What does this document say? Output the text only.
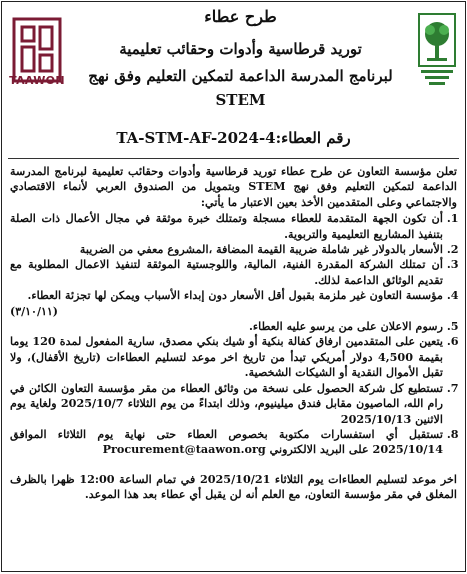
TAAWON
طرح عطاء
توريد قرطاسية وأدوات وحقائب تعليمية
لبرنامج المدرسة الداعمة لتمكين التعليم وفق نهج STEM
رقم العطاء:4-TA-STM-AF-2024

تعلن مؤسسة التعاون عن طرح عطاء توريد قرطاسية وأدوات وحقائب تعليمية لبرنامج المدرسة الداعمة لتمكين التعليم وفق نهج STEM وبتمويل من الصندوق العربي لأنماء الاقتصادي والاجتماعي وعلى المتقدمين الأخذ بعين الاعتبار ما يأتي:

1. أن تكون الجهة المتقدمة للعطاء مسجلة وتمتلك خبرة موثقة في مجال الأعمال ذات الصلة بتنفيذ المشاريع التعليمية والتربوية.
2. الأسعار بالدولار غير شاملة ضريبة القيمة المضافة ،المشروع معفي من الضريبة
3. أن تمتلك الشركة المقدرة الفنية، المالية، واللوجستية الموثقة لتنفيذ الاعمال المطلوبة مع تقديم الوثائق الداعمة لذلك.
4. مؤسسة التعاون غير ملزمة بقبول أقل الأسعار دون إبداء الأسباب ويمكن لها تجزئة العطاء.
(٣/١٠/١١)
5. رسوم الاعلان على من يرسو عليه العطاء.
6. يتعين على المتقدمين ارفاق كفالة بنكية أو شيك بنكي مصدق، سارية المفعول لمدة 120 يوما بقيمة 4,500 دولار أمريكي تبدأ من تاريخ اخر موعد لتسليم العطاءات (تاريخ الأقفال)، ولا تقبل الأموال النقدية أو الشيكات الشخصية.
7. تستطيع كل شركة الحصول على نسخة من وثائق العطاء من مقر مؤسسة التعاون الكائن في رام الله، الماصيون مقابل فندق ميلينيوم، وذلك ابتداءً من يوم الثلاثاء 2025/10/7 ولغاية يوم الاثنين 2025/10/13
8. تستقبل أي استفسارات مكتوبة بخصوص العطاء حتى نهاية يوم الثلاثاء الموافق 2025/10/14 على البريد الالكتروني Procurement@taawon.org

اخر موعد لتسليم العطاءات يوم الثلاثاء 2025/10/21 في تمام الساعة 12:00 ظهرا بالظرف المغلق في مقر مؤسسة التعاون، مع العلم أنه لن يقبل أي عطاء بعد هذا الموعد.
